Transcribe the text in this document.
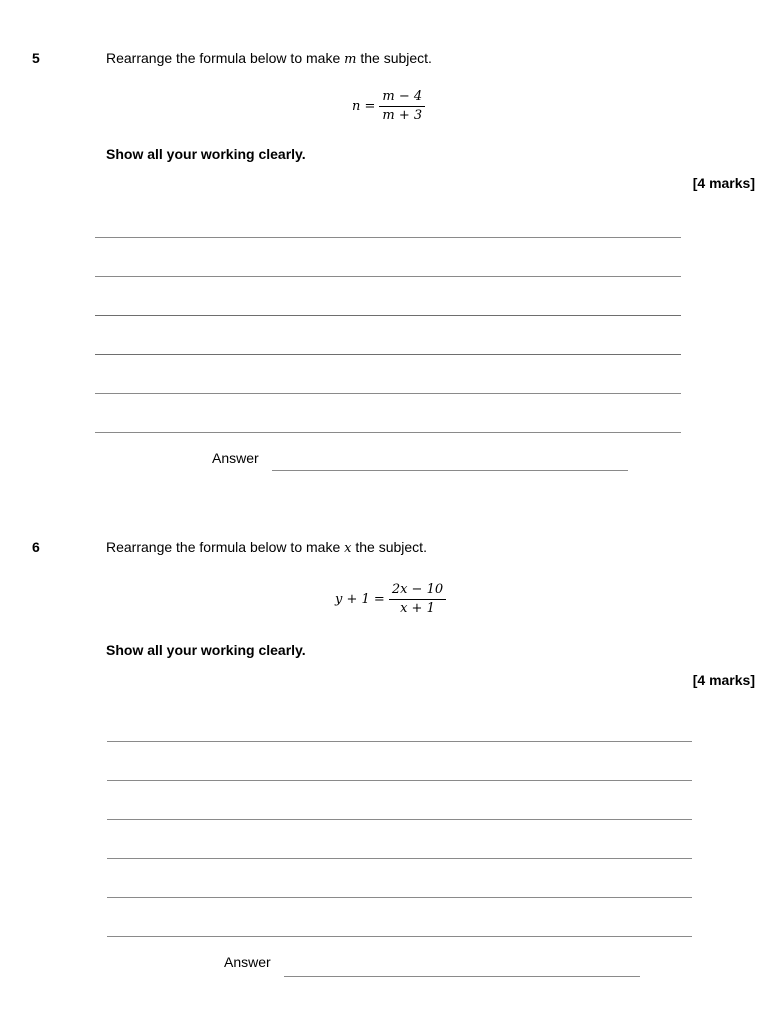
5	Rearrange the formula below to make m the subject.
$n = \frac{m - 4}{m + 3}$
Show all your working clearly.
[4 marks]
Answer
6	Rearrange the formula below to make x the subject.
$y + 1 = \frac{2x - 10}{x + 1}$
Show all your working clearly.
[4 marks]
Answer
